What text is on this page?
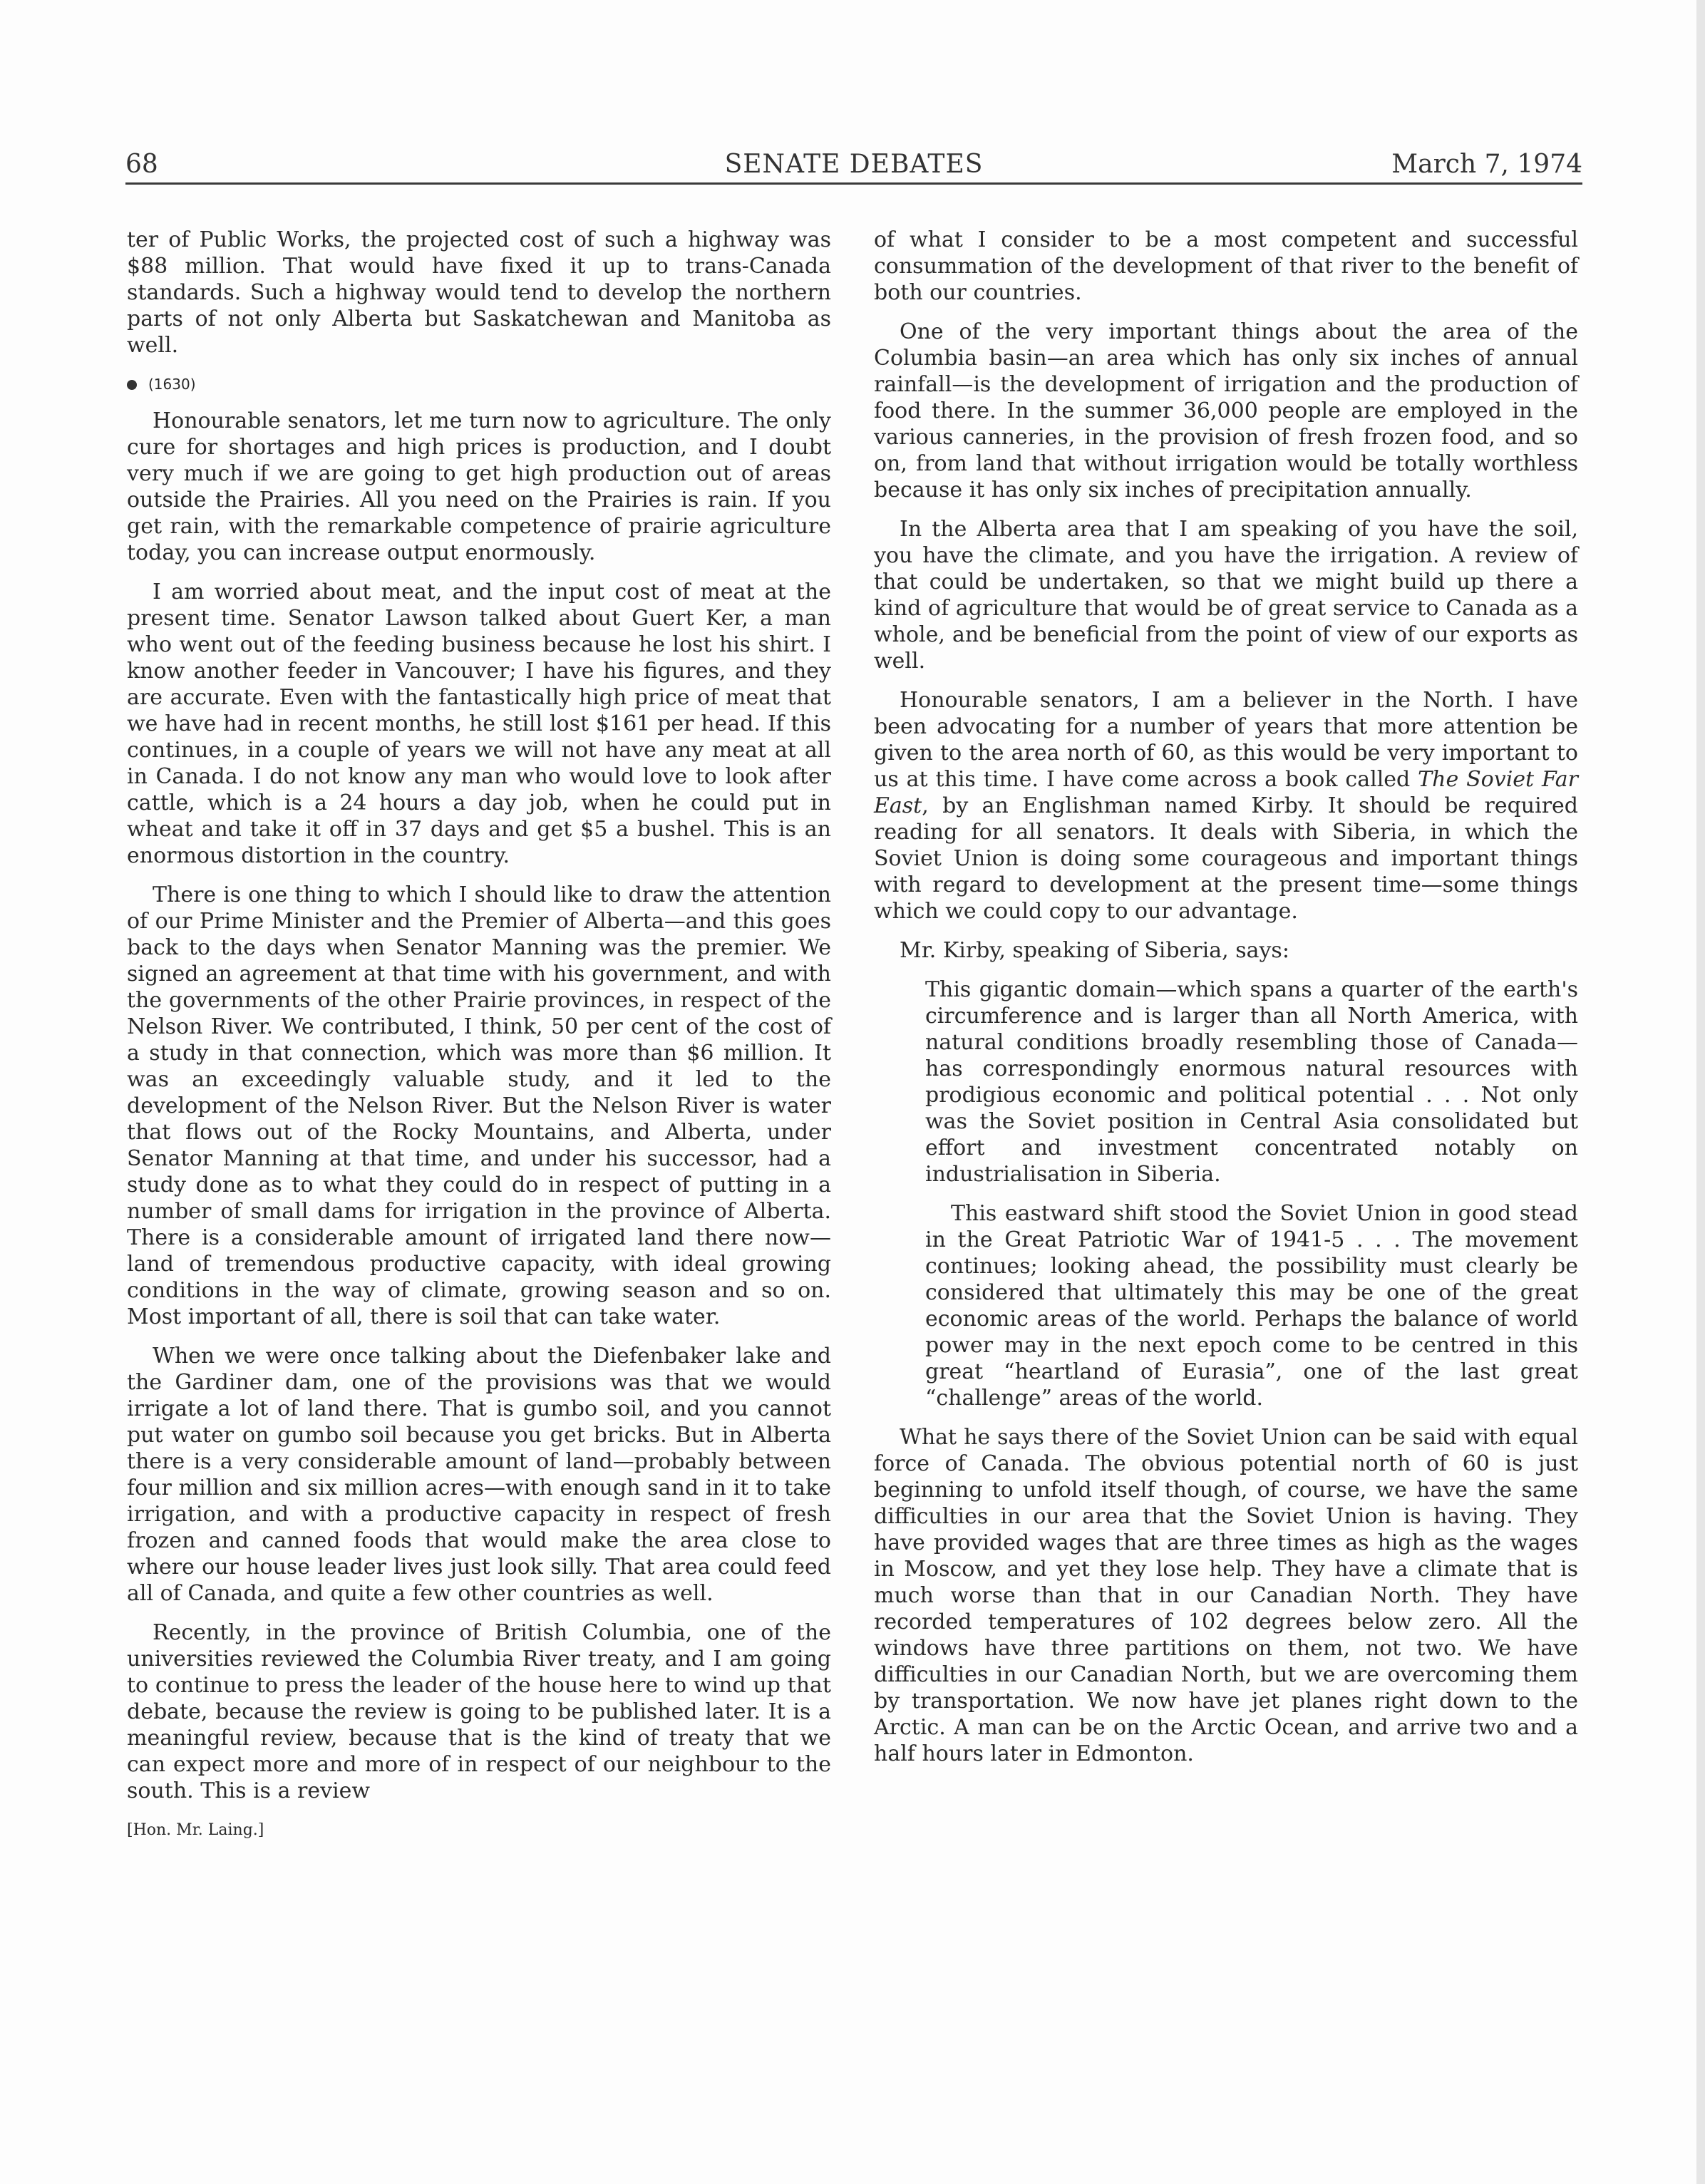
68	SENATE DEBATES	March 7, 1974

ter of Public Works, the projected cost of such a highway was $88 million. That would have fixed it up to trans-Canada standards. Such a highway would tend to develop the northern parts of not only Alberta but Saskatchewan and Manitoba as well.

(1630)

Honourable senators, let me turn now to agriculture. The only cure for shortages and high prices is production, and I doubt very much if we are going to get high production out of areas outside the Prairies. All you need on the Prairies is rain. If you get rain, with the remarkable competence of prairie agriculture today, you can increase output enormously.

I am worried about meat, and the input cost of meat at the present time. Senator Lawson talked about Guert Ker, a man who went out of the feeding business because he lost his shirt. I know another feeder in Vancouver; I have his figures, and they are accurate. Even with the fantastically high price of meat that we have had in recent months, he still lost $161 per head. If this continues, in a couple of years we will not have any meat at all in Canada. I do not know any man who would love to look after cattle, which is a 24 hours a day job, when he could put in wheat and take it off in 37 days and get $5 a bushel. This is an enormous distortion in the country.

There is one thing to which I should like to draw the attention of our Prime Minister and the Premier of Alberta—and this goes back to the days when Senator Manning was the premier. We signed an agreement at that time with his government, and with the governments of the other Prairie provinces, in respect of the Nelson River. We contributed, I think, 50 per cent of the cost of a study in that connection, which was more than $6 million. It was an exceedingly valuable study, and it led to the development of the Nelson River. But the Nelson River is water that flows out of the Rocky Mountains, and Alberta, under Senator Manning at that time, and under his successor, had a study done as to what they could do in respect of putting in a number of small dams for irrigation in the province of Alberta. There is a considerable amount of irrigated land there now—land of tremendous productive capacity, with ideal growing conditions in the way of climate, growing season and so on. Most important of all, there is soil that can take water.

When we were once talking about the Diefenbaker lake and the Gardiner dam, one of the provisions was that we would irrigate a lot of land there. That is gumbo soil, and you cannot put water on gumbo soil because you get bricks. But in Alberta there is a very considerable amount of land—probably between four million and six million acres—with enough sand in it to take irrigation, and with a productive capacity in respect of fresh frozen and canned foods that would make the area close to where our house leader lives just look silly. That area could feed all of Canada, and quite a few other countries as well.

Recently, in the province of British Columbia, one of the universities reviewed the Columbia River treaty, and I am going to continue to press the leader of the house here to wind up that debate, because the review is going to be published later. It is a meaningful review, because that is the kind of treaty that we can expect more and more of in respect of our neighbour to the south. This is a review

[Hon. Mr. Laing.]

of what I consider to be a most competent and successful consummation of the development of that river to the benefit of both our countries.

One of the very important things about the area of the Columbia basin—an area which has only six inches of annual rainfall—is the development of irrigation and the production of food there. In the summer 36,000 people are employed in the various canneries, in the provision of fresh frozen food, and so on, from land that without irrigation would be totally worthless because it has only six inches of precipitation annually.

In the Alberta area that I am speaking of you have the soil, you have the climate, and you have the irrigation. A review of that could be undertaken, so that we might build up there a kind of agriculture that would be of great service to Canada as a whole, and be beneficial from the point of view of our exports as well.

Honourable senators, I am a believer in the North. I have been advocating for a number of years that more attention be given to the area north of 60, as this would be very important to us at this time. I have come across a book called The Soviet Far East, by an Englishman named Kirby. It should be required reading for all senators. It deals with Siberia, in which the Soviet Union is doing some courageous and important things with regard to development at the present time—some things which we could copy to our advantage.

Mr. Kirby, speaking of Siberia, says:

This gigantic domain—which spans a quarter of the earth's circumference and is larger than all North America, with natural conditions broadly resembling those of Canada—has correspondingly enormous natural resources with prodigious economic and political potential . . . Not only was the Soviet position in Central Asia consolidated but effort and investment concentrated notably on industrialisation in Siberia.

This eastward shift stood the Soviet Union in good stead in the Great Patriotic War of 1941-5 . . . The movement continues; looking ahead, the possibility must clearly be considered that ultimately this may be one of the great economic areas of the world. Perhaps the balance of world power may in the next epoch come to be centred in this great “heartland of Eurasia”, one of the last great “challenge” areas of the world.

What he says there of the Soviet Union can be said with equal force of Canada. The obvious potential north of 60 is just beginning to unfold itself though, of course, we have the same difficulties in our area that the Soviet Union is having. They have provided wages that are three times as high as the wages in Moscow, and yet they lose help. They have a climate that is much worse than that in our Canadian North. They have recorded temperatures of 102 degrees below zero. All the windows have three partitions on them, not two. We have difficulties in our Canadian North, but we are overcoming them by transportation. We now have jet planes right down to the Arctic. A man can be on the Arctic Ocean, and arrive two and a half hours later in Edmonton.
